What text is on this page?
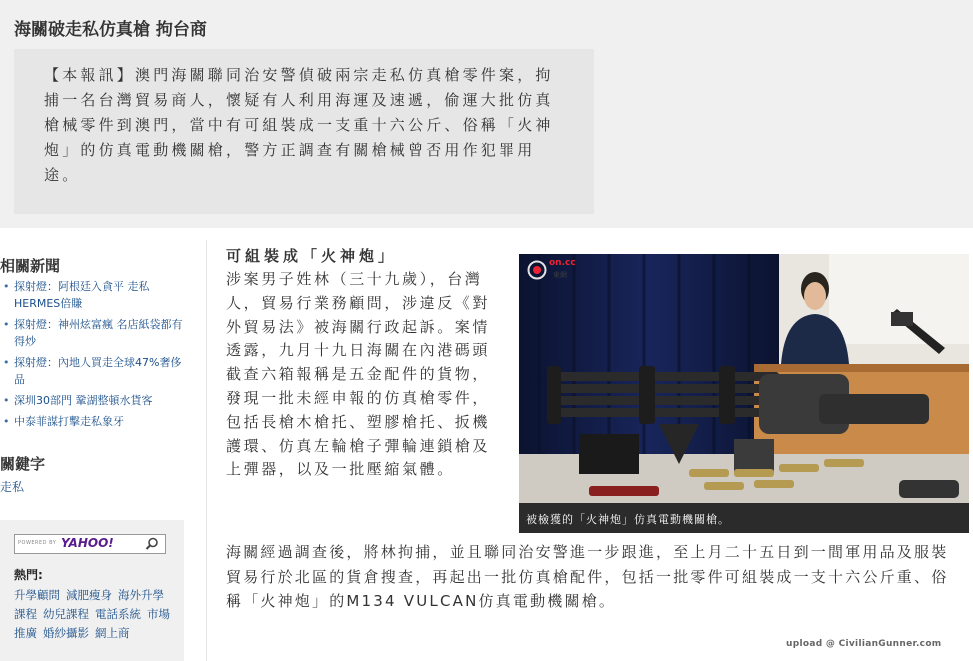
海關破走私仿真槍 拘台商

【本報訊】澳門海關聯同治安警偵破兩宗走私仿真槍零件案，拘捕一名台灣貿易商人，懷疑有人利用海運及速遞，偷運大批仿真槍械零件到澳門，當中有可組裝成一支重十六公斤、俗稱「火神炮」的仿真電動機關槍，警方正調查有關槍械曾否用作犯罪用途。

相關新聞
• 探射燈：阿根廷入貪平 走私HERMES倍賺
• 探射燈：神州炫富瘋 名店紙袋都有得炒
• 探射燈：內地人買走全球47%奢侈品
• 深圳30部門 鞏湖整頓水貨客
• 中泰菲謀打擊走私象牙
關鍵字
走私
POWERED BY YAHOO!
熱門:
升學顧問 減肥瘦身 海外升學課程 幼兒課程 電話系統 市場推廣 婚紗攝影 網上商
可組裝成「火神炮」

涉案男子姓林（三十九歲），台灣人，貿易行業務顧問，涉違反《對外貿易法》被海關行政起訴。案情透露，九月十九日海關在內港碼頭截查六箱報稱是五金配件的貨物，發現一批未經申報的仿真槍零件，包括長槍木槍托、塑膠槍托、扳機護環、仿真左輪槍子彈輪連鎖槍及上彈器，以及一批壓縮氣體。

on.cc
東網
被檢獲的「火神炮」仿真電動機關槍。

海關經過調查後，將林拘捕，並且聯同治安警進一步跟進，至上月二十五日到一間軍用品及服裝貿易行於北區的貨倉搜查，再起出一批仿真槍配件，包括一批零件可組裝成一支十六公斤重、俗稱「火神炮」的M134 VULCAN仿真電動機關槍。

upload @ CivilianGunner.com
